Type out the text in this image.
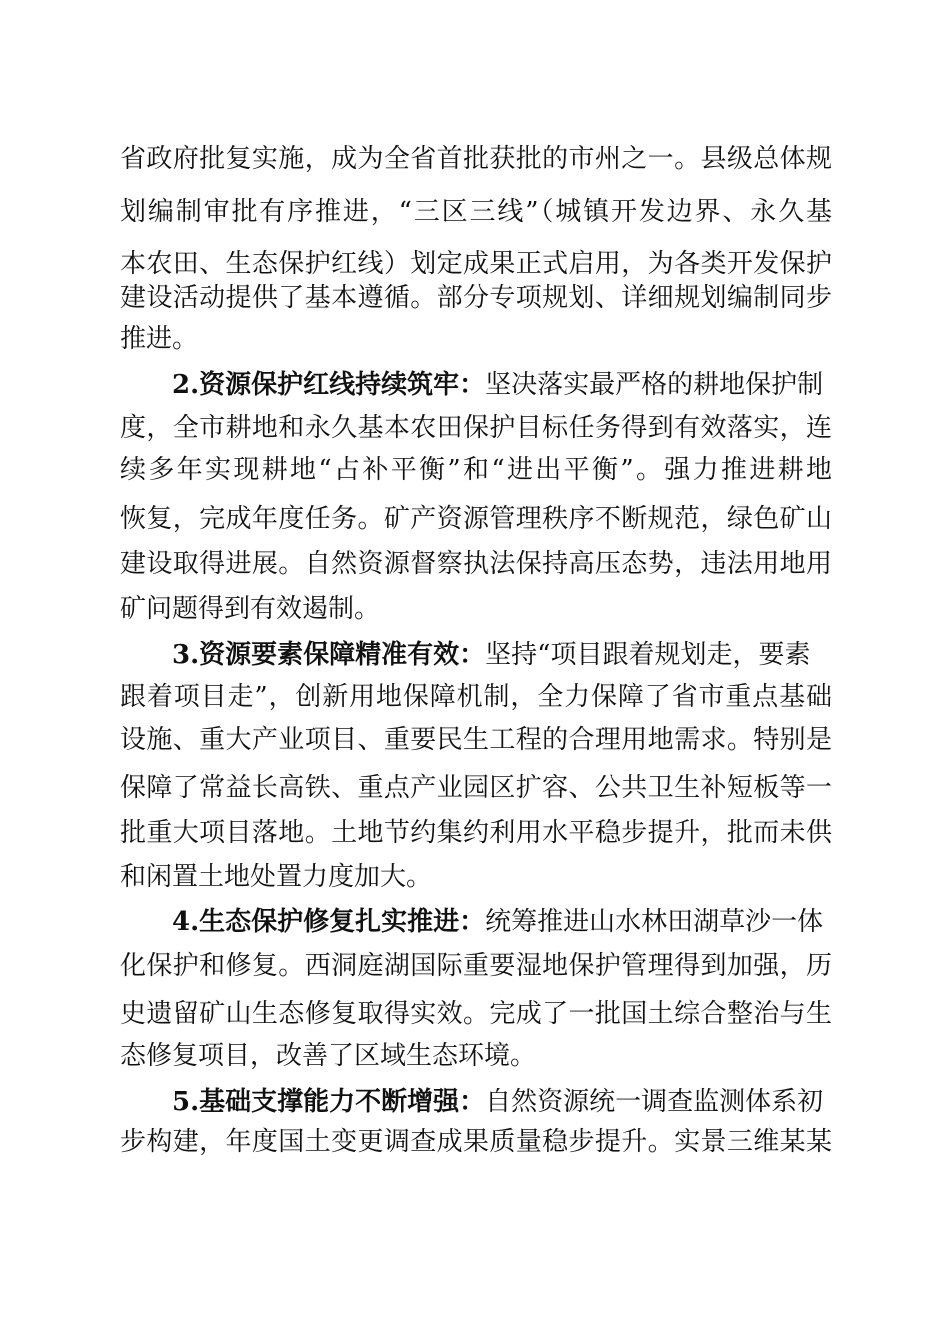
省政府批复实施，成为全省首批获批的市州之一。县级总体规
划编制审批有序推进，“三区三线”（城镇开发边界、永久基
本农田、生态保护红线）划定成果正式启用，为各类开发保护
建设活动提供了基本遵循。部分专项规划、详细规划编制同步
推进。
2.资源保护红线持续筑牢：坚决落实最严格的耕地保护制
度，全市耕地和永久基本农田保护目标任务得到有效落实，连
续多年实现耕地“占补平衡”和“进出平衡”。强力推进耕地
恢复，完成年度任务。矿产资源管理秩序不断规范，绿色矿山
建设取得进展。自然资源督察执法保持高压态势，违法用地用
矿问题得到有效遏制。
3.资源要素保障精准有效：坚持“项目跟着规划走，要素
跟着项目走”，创新用地保障机制，全力保障了省市重点基础
设施、重大产业项目、重要民生工程的合理用地需求。特别是
保障了常益长高铁、重点产业园区扩容、公共卫生补短板等一
批重大项目落地。土地节约集约利用水平稳步提升，批而未供
和闲置土地处置力度加大。
4.生态保护修复扎实推进：统筹推进山水林田湖草沙一体
化保护和修复。西洞庭湖国际重要湿地保护管理得到加强，历
史遗留矿山生态修复取得实效。完成了一批国土综合整治与生
态修复项目，改善了区域生态环境。
5.基础支撑能力不断增强：自然资源统一调查监测体系初
步构建，年度国土变更调查成果质量稳步提升。实景三维某某
